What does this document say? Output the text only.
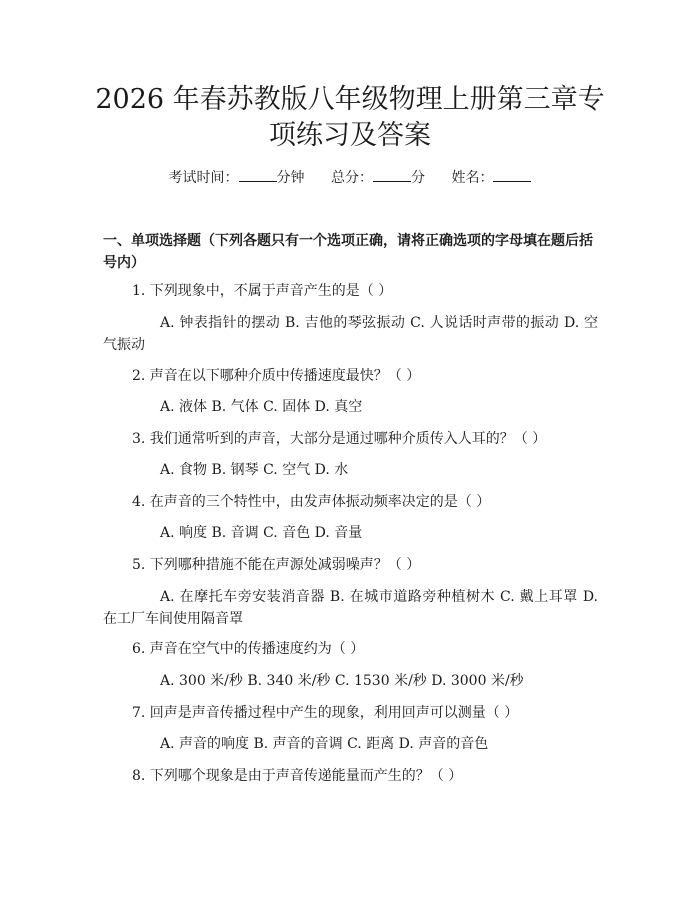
2026 年春苏教版八年级物理上册第三章专项练习及答案
考试时间：	分钟 总分：	分 姓名：
一、单项选择题（下列各题只有一个选项正确，请将正确选项的字母填在题后括号内）

1. 下列现象中，不属于声音产生的是（ ）

A. 钟表指针的摆动 B. 吉他的琴弦振动 C. 人说话时声带的振动 D. 空气振动

2. 声音在以下哪种介质中传播速度最快？（ ）

A. 液体 B. 气体 C. 固体 D. 真空

3. 我们通常听到的声音，大部分是通过哪种介质传入人耳的？（ ）

A. 食物 B. 钢琴 C. 空气 D. 水

4. 在声音的三个特性中，由发声体振动频率决定的是（ ）

A. 响度 B. 音调 C. 音色 D. 音量

5. 下列哪种措施不能在声源处减弱噪声？（ ）

A. 在摩托车旁安装消音器 B. 在城市道路旁种植树木 C. 戴上耳罩 D. 在工厂车间使用隔音罩

6. 声音在空气中的传播速度约为（ ）

A. 300 米/秒 B. 340 米/秒 C. 1530 米/秒 D. 3000 米/秒

7. 回声是声音传播过程中产生的现象，利用回声可以测量（ ）

A. 声音的响度 B. 声音的音调 C. 距离 D. 声音的音色

8. 下列哪个现象是由于声音传递能量而产生的？（ ）
